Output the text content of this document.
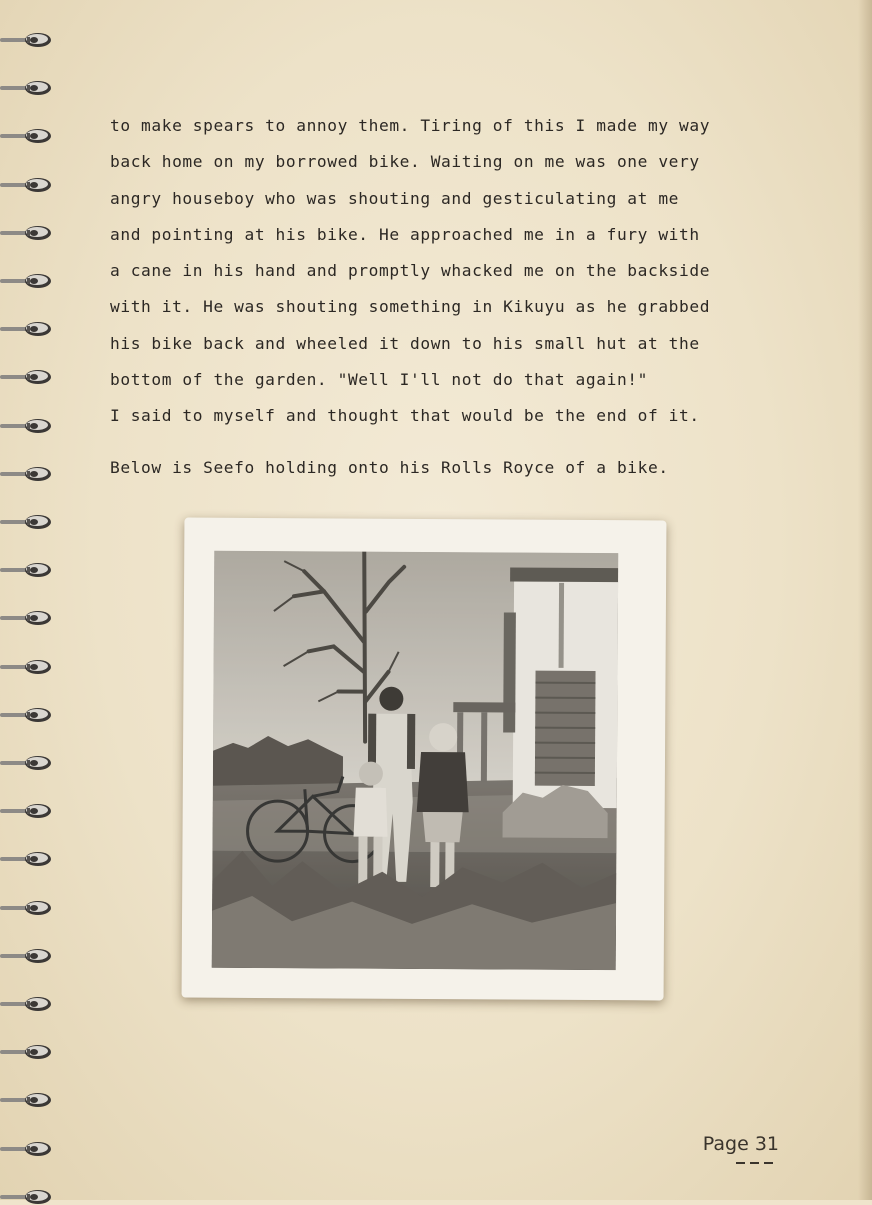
to make spears to annoy them. Tiring of this I made my way
back home on my borrowed bike. Waiting on me was one very
angry houseboy who was shouting and gesticulating at me
and pointing at his bike. He approached me in a fury with
a cane in his hand and promptly whacked me on the backside
with it. He was shouting something in Kikuyu as he grabbed
his bike back and wheeled it down to his small hut at the
bottom of the garden. "Well I'll not do that again!"
I said to myself and thought that would be the end of it.
Below is Seefo holding onto his Rolls Royce of a bike.
Page 31
